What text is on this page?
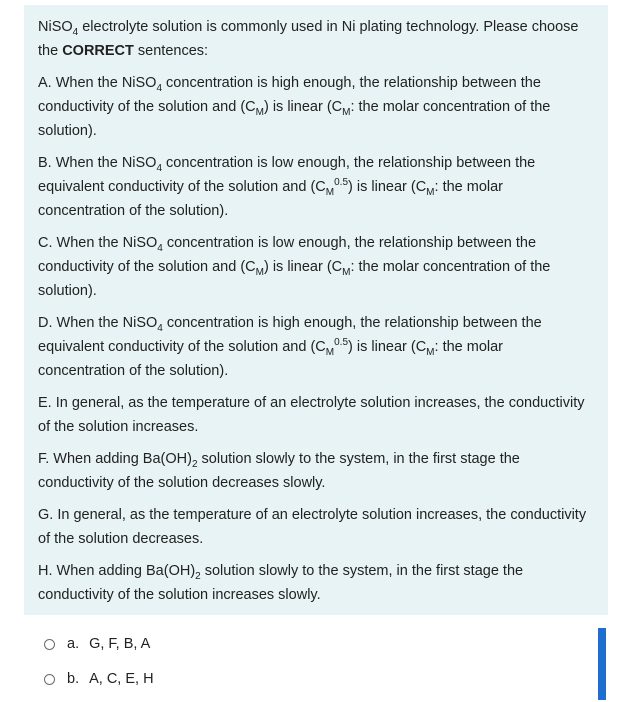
NiSO$_4$ electrolyte solution is commonly used in Ni plating technology. Please choose the CORRECT sentences:

A. When the NiSO$_4$ concentration is high enough, the relationship between the conductivity of the solution and $(C_M)$ is linear ($C_M$: the molar concentration of the solution).

B. When the NiSO$_4$ concentration is low enough, the relationship between the equivalent conductivity of the solution and $(C_M^{0.5})$ is linear ($C_M$: the molar concentration of the solution).

C. When the NiSO$_4$ concentration is low enough, the relationship between the conductivity of the solution and $(C_M)$ is linear ($C_M$: the molar concentration of the solution).

D. When the NiSO$_4$ concentration is high enough, the relationship between the equivalent conductivity of the solution and $(C_M^{0.5})$ is linear ($C_M$: the molar concentration of the solution).

E. In general, as the temperature of an electrolyte solution increases, the conductivity of the solution increases.

F. When adding $Ba(OH)_2$ solution slowly to the system, in the first stage the conductivity of the solution decreases slowly.

G. In general, as the temperature of an electrolyte solution increases, the conductivity of the solution decreases.

H. When adding $Ba(OH)_2$ solution slowly to the system, in the first stage the conductivity of the solution increases slowly.

a. G, F, B, A
b. A, C, E, H
